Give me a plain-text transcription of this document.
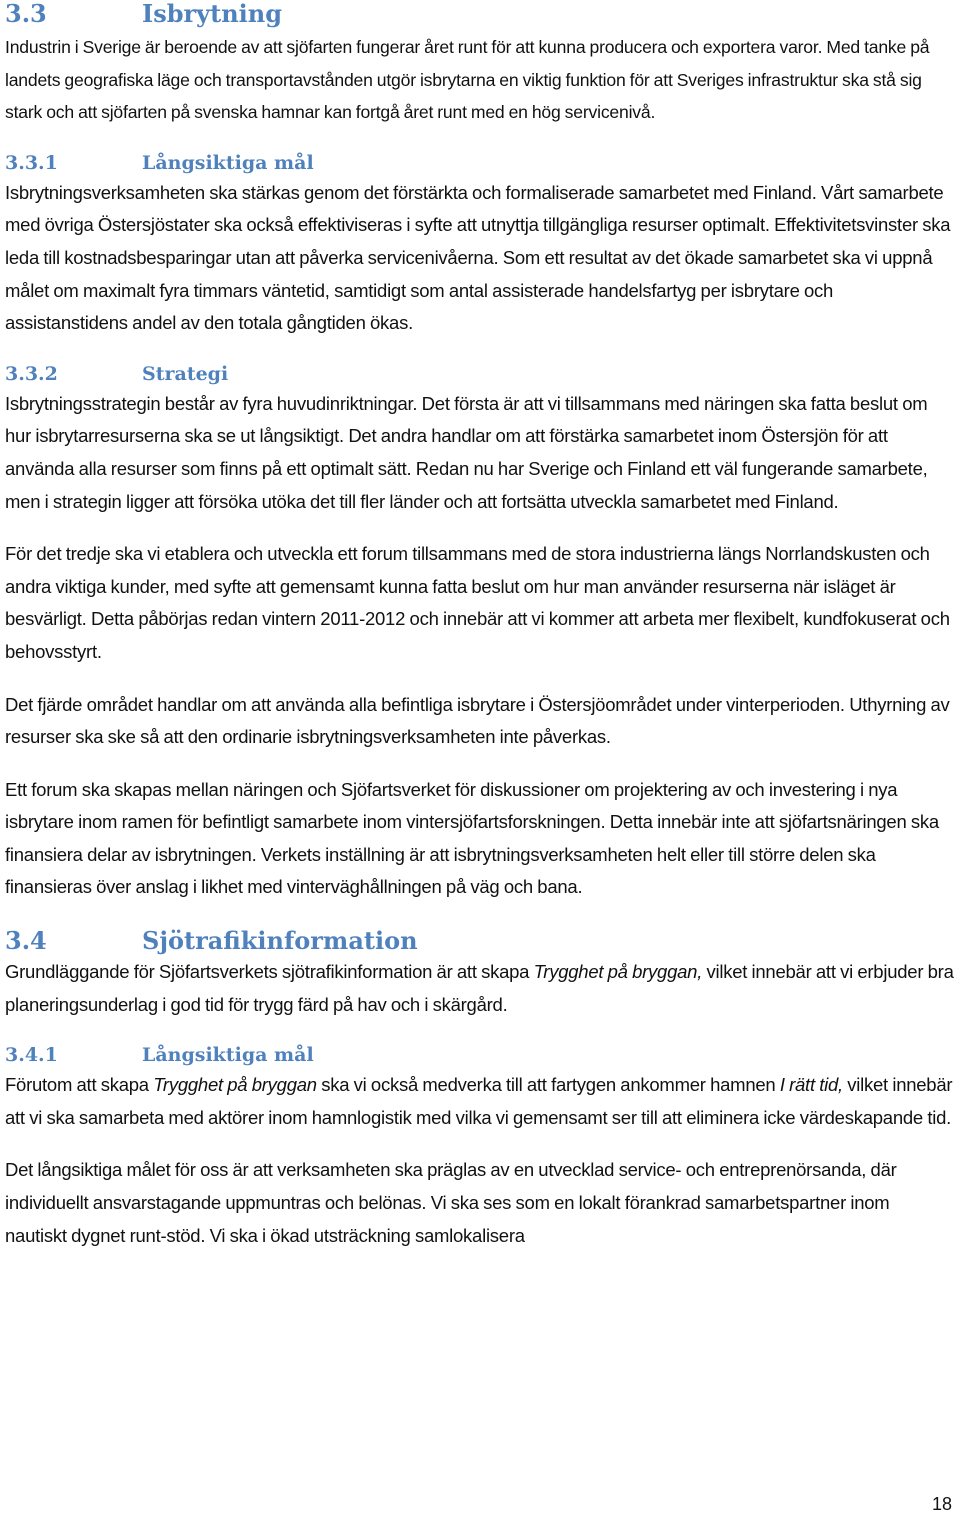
3.3	Isbrytning

Industrin i Sverige är beroende av att sjöfarten fungerar året runt för att kunna producera och exportera varor. Med tanke på landets geografiska läge och transportavstånden utgör isbrytarna en viktig funktion för att Sveriges infrastruktur ska stå sig stark och att sjöfarten på svenska hamnar kan fortgå året runt med en hög servicenivå.

3.3.1	Långsiktiga mål

Isbrytningsverksamheten ska stärkas genom det förstärkta och formaliserade samarbetet med Finland. Vårt samarbete med övriga Östersjöstater ska också effektiviseras i syfte att utnyttja tillgängliga resurser optimalt. Effektivitetsvinster ska leda till kostnadsbesparingar utan att påverka servicenivåerna. Som ett resultat av det ökade samarbetet ska vi uppnå målet om maximalt fyra timmars väntetid, samtidigt som antal assisterade handelsfartyg per isbrytare och assistanstidens andel av den totala gångtiden ökas.

3.3.2	Strategi

Isbrytningsstrategin består av fyra huvudinriktningar. Det första är att vi tillsammans med näringen ska fatta beslut om hur isbrytarresurserna ska se ut långsiktigt. Det andra handlar om att förstärka samarbetet inom Östersjön för att använda alla resurser som finns på ett optimalt sätt. Redan nu har Sverige och Finland ett väl fungerande samarbete, men i strategin ligger att försöka utöka det till fler länder och att fortsätta utveckla samarbetet med Finland.

För det tredje ska vi etablera och utveckla ett forum tillsammans med de stora industrierna längs Norrlandskusten och andra viktiga kunder, med syfte att gemensamt kunna fatta beslut om hur man använder resurserna när isläget är besvärligt. Detta påbörjas redan vintern 2011-2012 och innebär att vi kommer att arbeta mer flexibelt, kundfokuserat och behovsstyrt.

Det fjärde området handlar om att använda alla befintliga isbrytare i Östersjöområdet under vinterperioden. Uthyrning av resurser ska ske så att den ordinarie isbrytningsverksamheten inte påverkas.

Ett forum ska skapas mellan näringen och Sjöfartsverket för diskussioner om projektering av och investering i nya isbrytare inom ramen för befintligt samarbete inom vintersjöfartsforskningen. Detta innebär inte att sjöfartsnäringen ska finansiera delar av isbrytningen. Verkets inställning är att isbrytningsverksamheten helt eller till större delen ska finansieras över anslag i likhet med vinterväghållningen på väg och bana.

3.4	Sjötrafikinformation

Grundläggande för Sjöfartsverkets sjötrafikinformation är att skapa Trygghet på bryggan, vilket innebär att vi erbjuder bra planeringsunderlag i god tid för trygg färd på hav och i skärgård.

3.4.1	Långsiktiga mål

Förutom att skapa Trygghet på bryggan ska vi också medverka till att fartygen ankommer hamnen I rätt tid, vilket innebär att vi ska samarbeta med aktörer inom hamnlogistik med vilka vi gemensamt ser till att eliminera icke värdeskapande tid.

Det långsiktiga målet för oss är att verksamheten ska präglas av en utvecklad service- och entreprenörsanda, där individuellt ansvarstagande uppmuntras och belönas. Vi ska ses som en lokalt förankrad samarbetspartner inom nautiskt dygnet runt-stöd. Vi ska i ökad utsträckning samlokalisera

18
